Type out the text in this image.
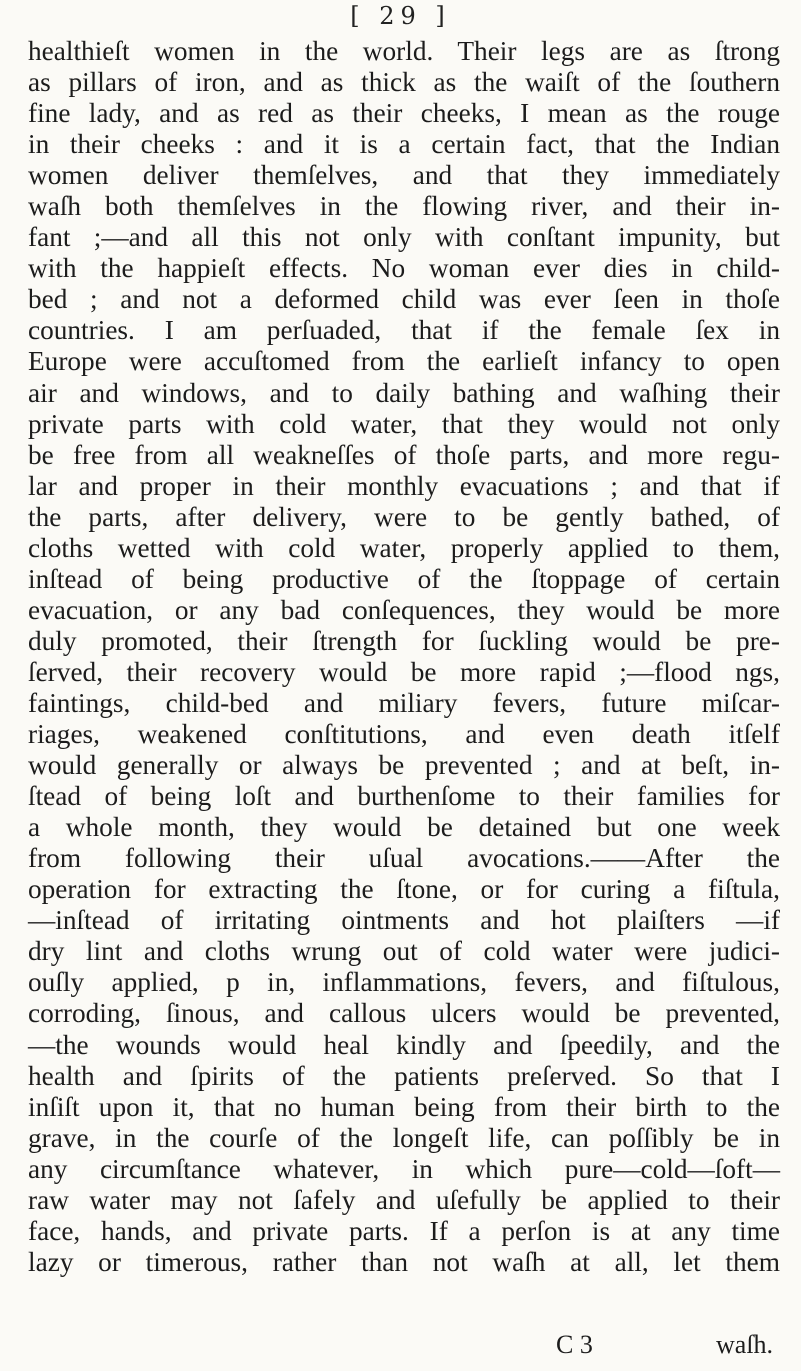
[ 29 ]
healthieſt women in the world. Their legs are as ſtrong
as pillars of iron, and as thick as the waiſt of the ſouthern
fine lady, and as red as their cheeks, I mean as the rouge
in their cheeks : and it is a certain fact, that the Indian
women deliver themſelves, and that they immediately
waſh both themſelves in the flowing river, and their in-
fant ;—and all this not only with conſtant impunity, but
with the happieſt effects. No woman ever dies in child-
bed ; and not a deformed child was ever ſeen in thoſe
countries. I am perſuaded, that if the female ſex in
Europe were accuſtomed from the earlieſt infancy to open
air and windows, and to daily bathing and waſhing their
private parts with cold water, that they would not only
be free from all weakneſſes of thoſe parts, and more regu-
lar and proper in their monthly evacuations ; and that if
the parts, after delivery, were to be gently bathed, of
cloths wetted with cold water, properly applied to them,
inſtead of being productive of the ſtoppage of certain
evacuation, or any bad conſequences, they would be more
duly promoted, their ſtrength for ſuckling would be pre-
ſerved, their recovery would be more rapid ;—flood ngs,
faintings, child-bed and miliary fevers, future miſcar-
riages, weakened conſtitutions, and even death itſelf
would generally or always be prevented ; and at beſt, in-
ſtead of being loſt and burthenſome to their families for
a whole month, they would be detained but one week
from following their uſual avocations.——After the
operation for extracting the ſtone, or for curing a fiſtula,
—inſtead of irritating ointments and hot plaiſters —if
dry lint and cloths wrung out of cold water were judici-
ouſly applied, p in, inflammations, fevers, and fiſtulous,
corroding, ſinous, and callous ulcers would be prevented,
—the wounds would heal kindly and ſpeedily, and the
health and ſpirits of the patients preſerved. So that I
inſiſt upon it, that no human being from their birth to the
grave, in the courſe of the longeſt life, can poſſibly be in
any circumſtance whatever, in which pure—cold—ſoft—
raw water may not ſafely and uſefully be applied to their
face, hands, and private parts. If a perſon is at any time
lazy or timerous, rather than not waſh at all, let them
C 3	waſh.
